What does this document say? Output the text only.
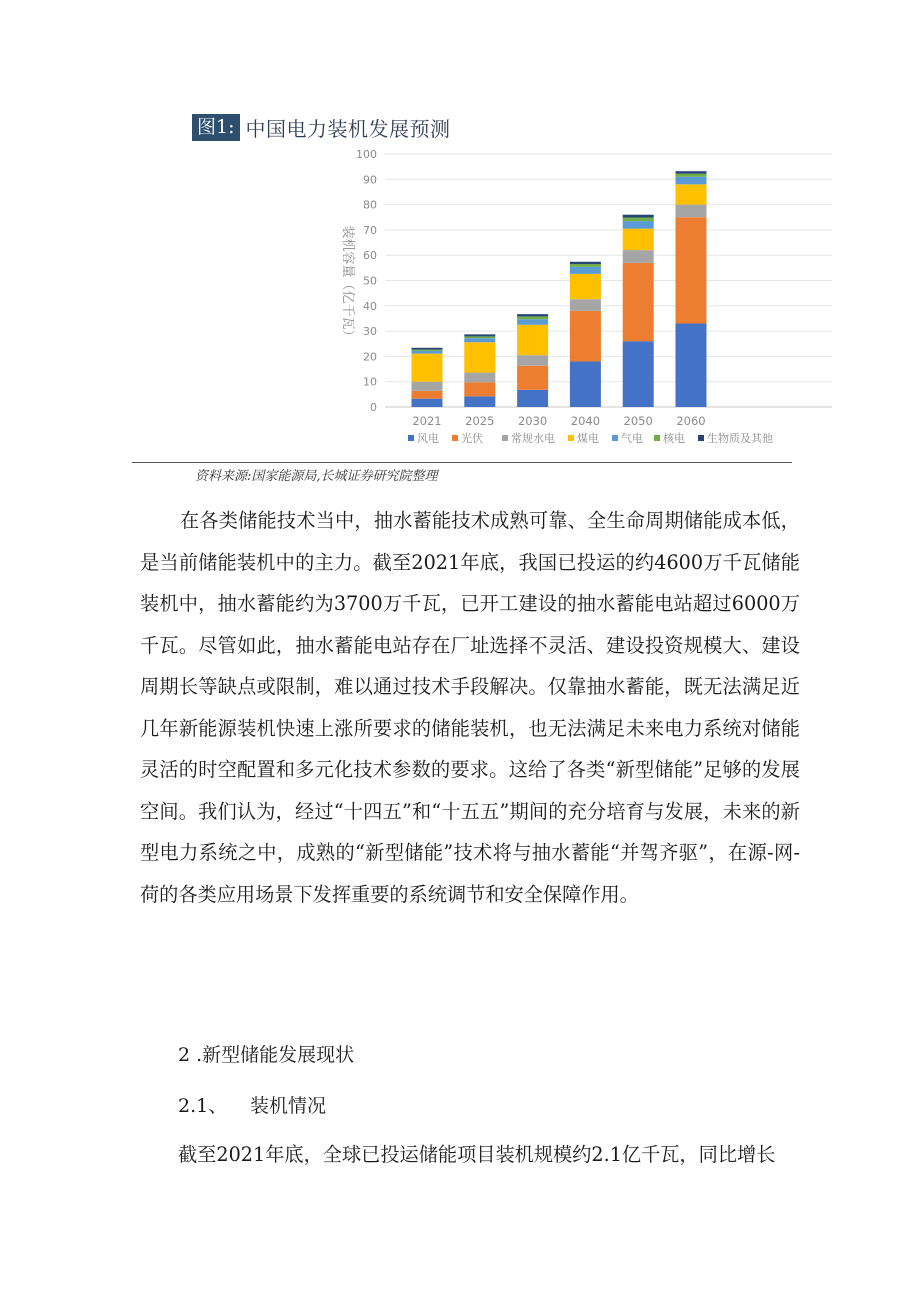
图1: 中国电力装机发展预测
0
10
20
30
40
50
60
70
80
90
100
2021 2025 2030 2040 2050 2060
风电 光伏	常规水电 煤电 气电 核电 生物质及其他
装机容量（亿千瓦）
资料来源:国家能源局,长城证券研究院整理

在各类储能技术当中，抽水蓄能技术成熟可靠、全生命周期储能成本低，是当前储能装机中的主力。截至2021年底，我国已投运的约4600万千瓦储能装机中，抽水蓄能约为3700万千瓦，已开工建设的抽水蓄能电站超过6000万千瓦。尽管如此，抽水蓄能电站存在厂址选择不灵活、建设投资规模大、建设周期长等缺点或限制，难以通过技术手段解决。仅靠抽水蓄能，既无法满足近几年新能源装机快速上涨所要求的储能装机，也无法满足未来电力系统对储能灵活的时空配置和多元化技术参数的要求。这给了各类“新型储能”足够的发展空间。我们认为，经过“十四五”和“十五五”期间的充分培育与发展，未来的新型电力系统之中，成熟的“新型储能”技术将与抽水蓄能“并驾齐驱”，在源-网-荷的各类应用场景下发挥重要的系统调节和安全保障作用。

2 .新型储能发展现状

2.1、 装机情况

截至2021年底，全球已投运储能项目装机规模约2.1亿千瓦，同比增长
